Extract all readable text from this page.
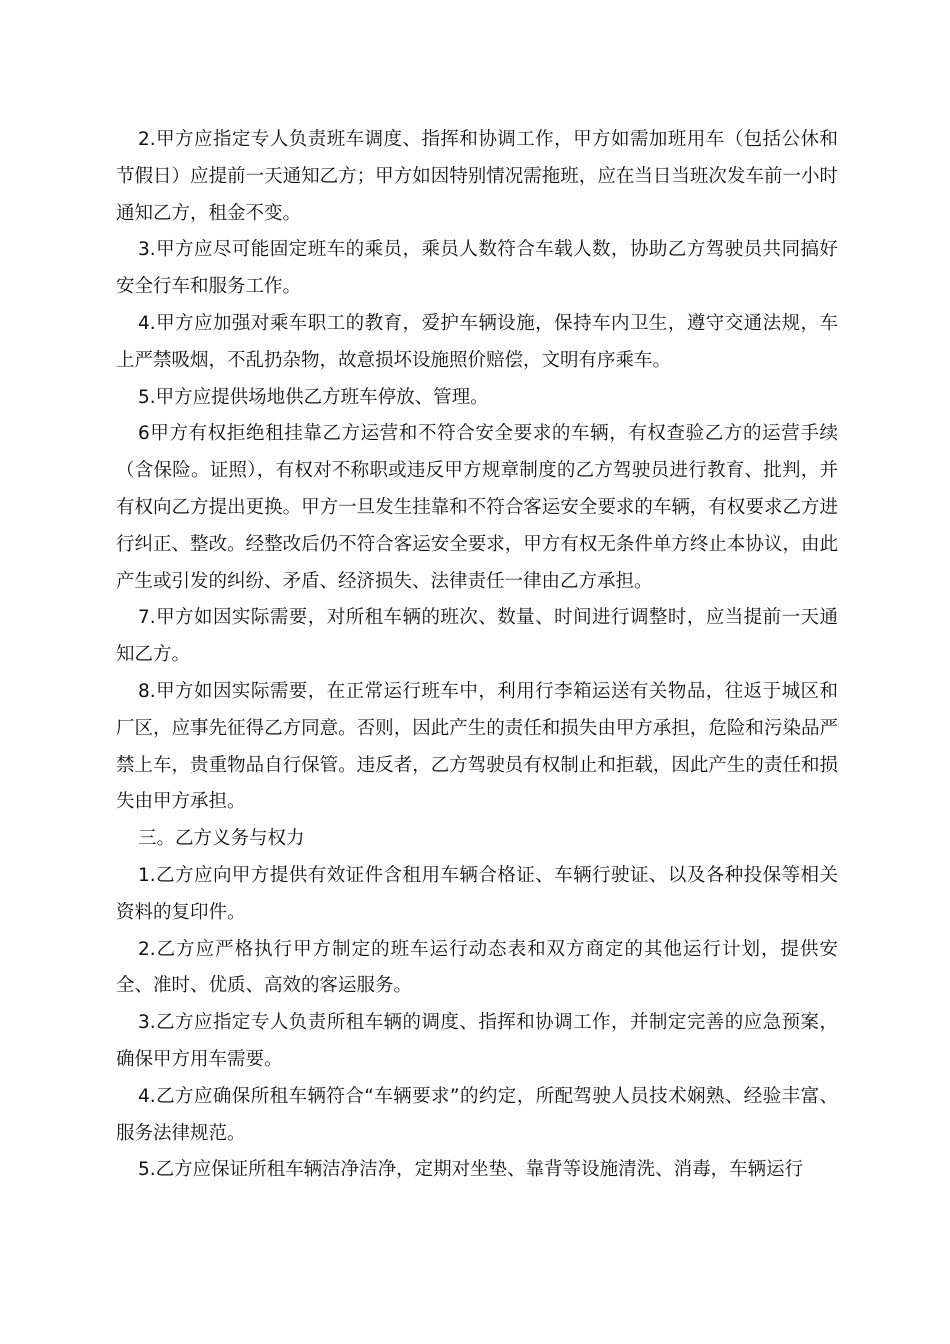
2.甲方应指定专人负责班车调度、指挥和协调工作，甲方如需加班用车（包括公休和节假日）应提前一天通知乙方；甲方如因特别情况需拖班，应在当日当班次发车前一小时通知乙方，租金不变。

3.甲方应尽可能固定班车的乘员，乘员人数符合车载人数，协助乙方驾驶员共同搞好安全行车和服务工作。

4.甲方应加强对乘车职工的教育，爱护车辆设施，保持车内卫生，遵守交通法规，车上严禁吸烟，不乱扔杂物，故意损坏设施照价赔偿，文明有序乘车。

5.甲方应提供场地供乙方班车停放、管理。

6甲方有权拒绝租挂靠乙方运营和不符合安全要求的车辆，有权查验乙方的运营手续（含保险。证照），有权对不称职或违反甲方规章制度的乙方驾驶员进行教育、批判，并有权向乙方提出更换。甲方一旦发生挂靠和不符合客运安全要求的车辆，有权要求乙方进行纠正、整改。经整改后仍不符合客运安全要求，甲方有权无条件单方终止本协议，由此产生或引发的纠纷、矛盾、经济损失、法律责任一律由乙方承担。

7.甲方如因实际需要，对所租车辆的班次、数量、时间进行调整时，应当提前一天通知乙方。

8.甲方如因实际需要，在正常运行班车中，利用行李箱运送有关物品，往返于城区和厂区，应事先征得乙方同意。否则，因此产生的责任和损失由甲方承担，危险和污染品严禁上车，贵重物品自行保管。违反者，乙方驾驶员有权制止和拒载，因此产生的责任和损失由甲方承担。

三。乙方义务与权力

1.乙方应向甲方提供有效证件含租用车辆合格证、车辆行驶证、以及各种投保等相关资料的复印件。

2.乙方应严格执行甲方制定的班车运行动态表和双方商定的其他运行计划，提供安全、准时、优质、高效的客运服务。

3.乙方应指定专人负责所租车辆的调度、指挥和协调工作，并制定完善的应急预案，确保甲方用车需要。

4.乙方应确保所租车辆符合“车辆要求”的约定，所配驾驶人员技术娴熟、经验丰富、服务法律规范。

5.乙方应保证所租车辆洁净洁净，定期对坐垫、靠背等设施清洗、消毒，车辆运行
